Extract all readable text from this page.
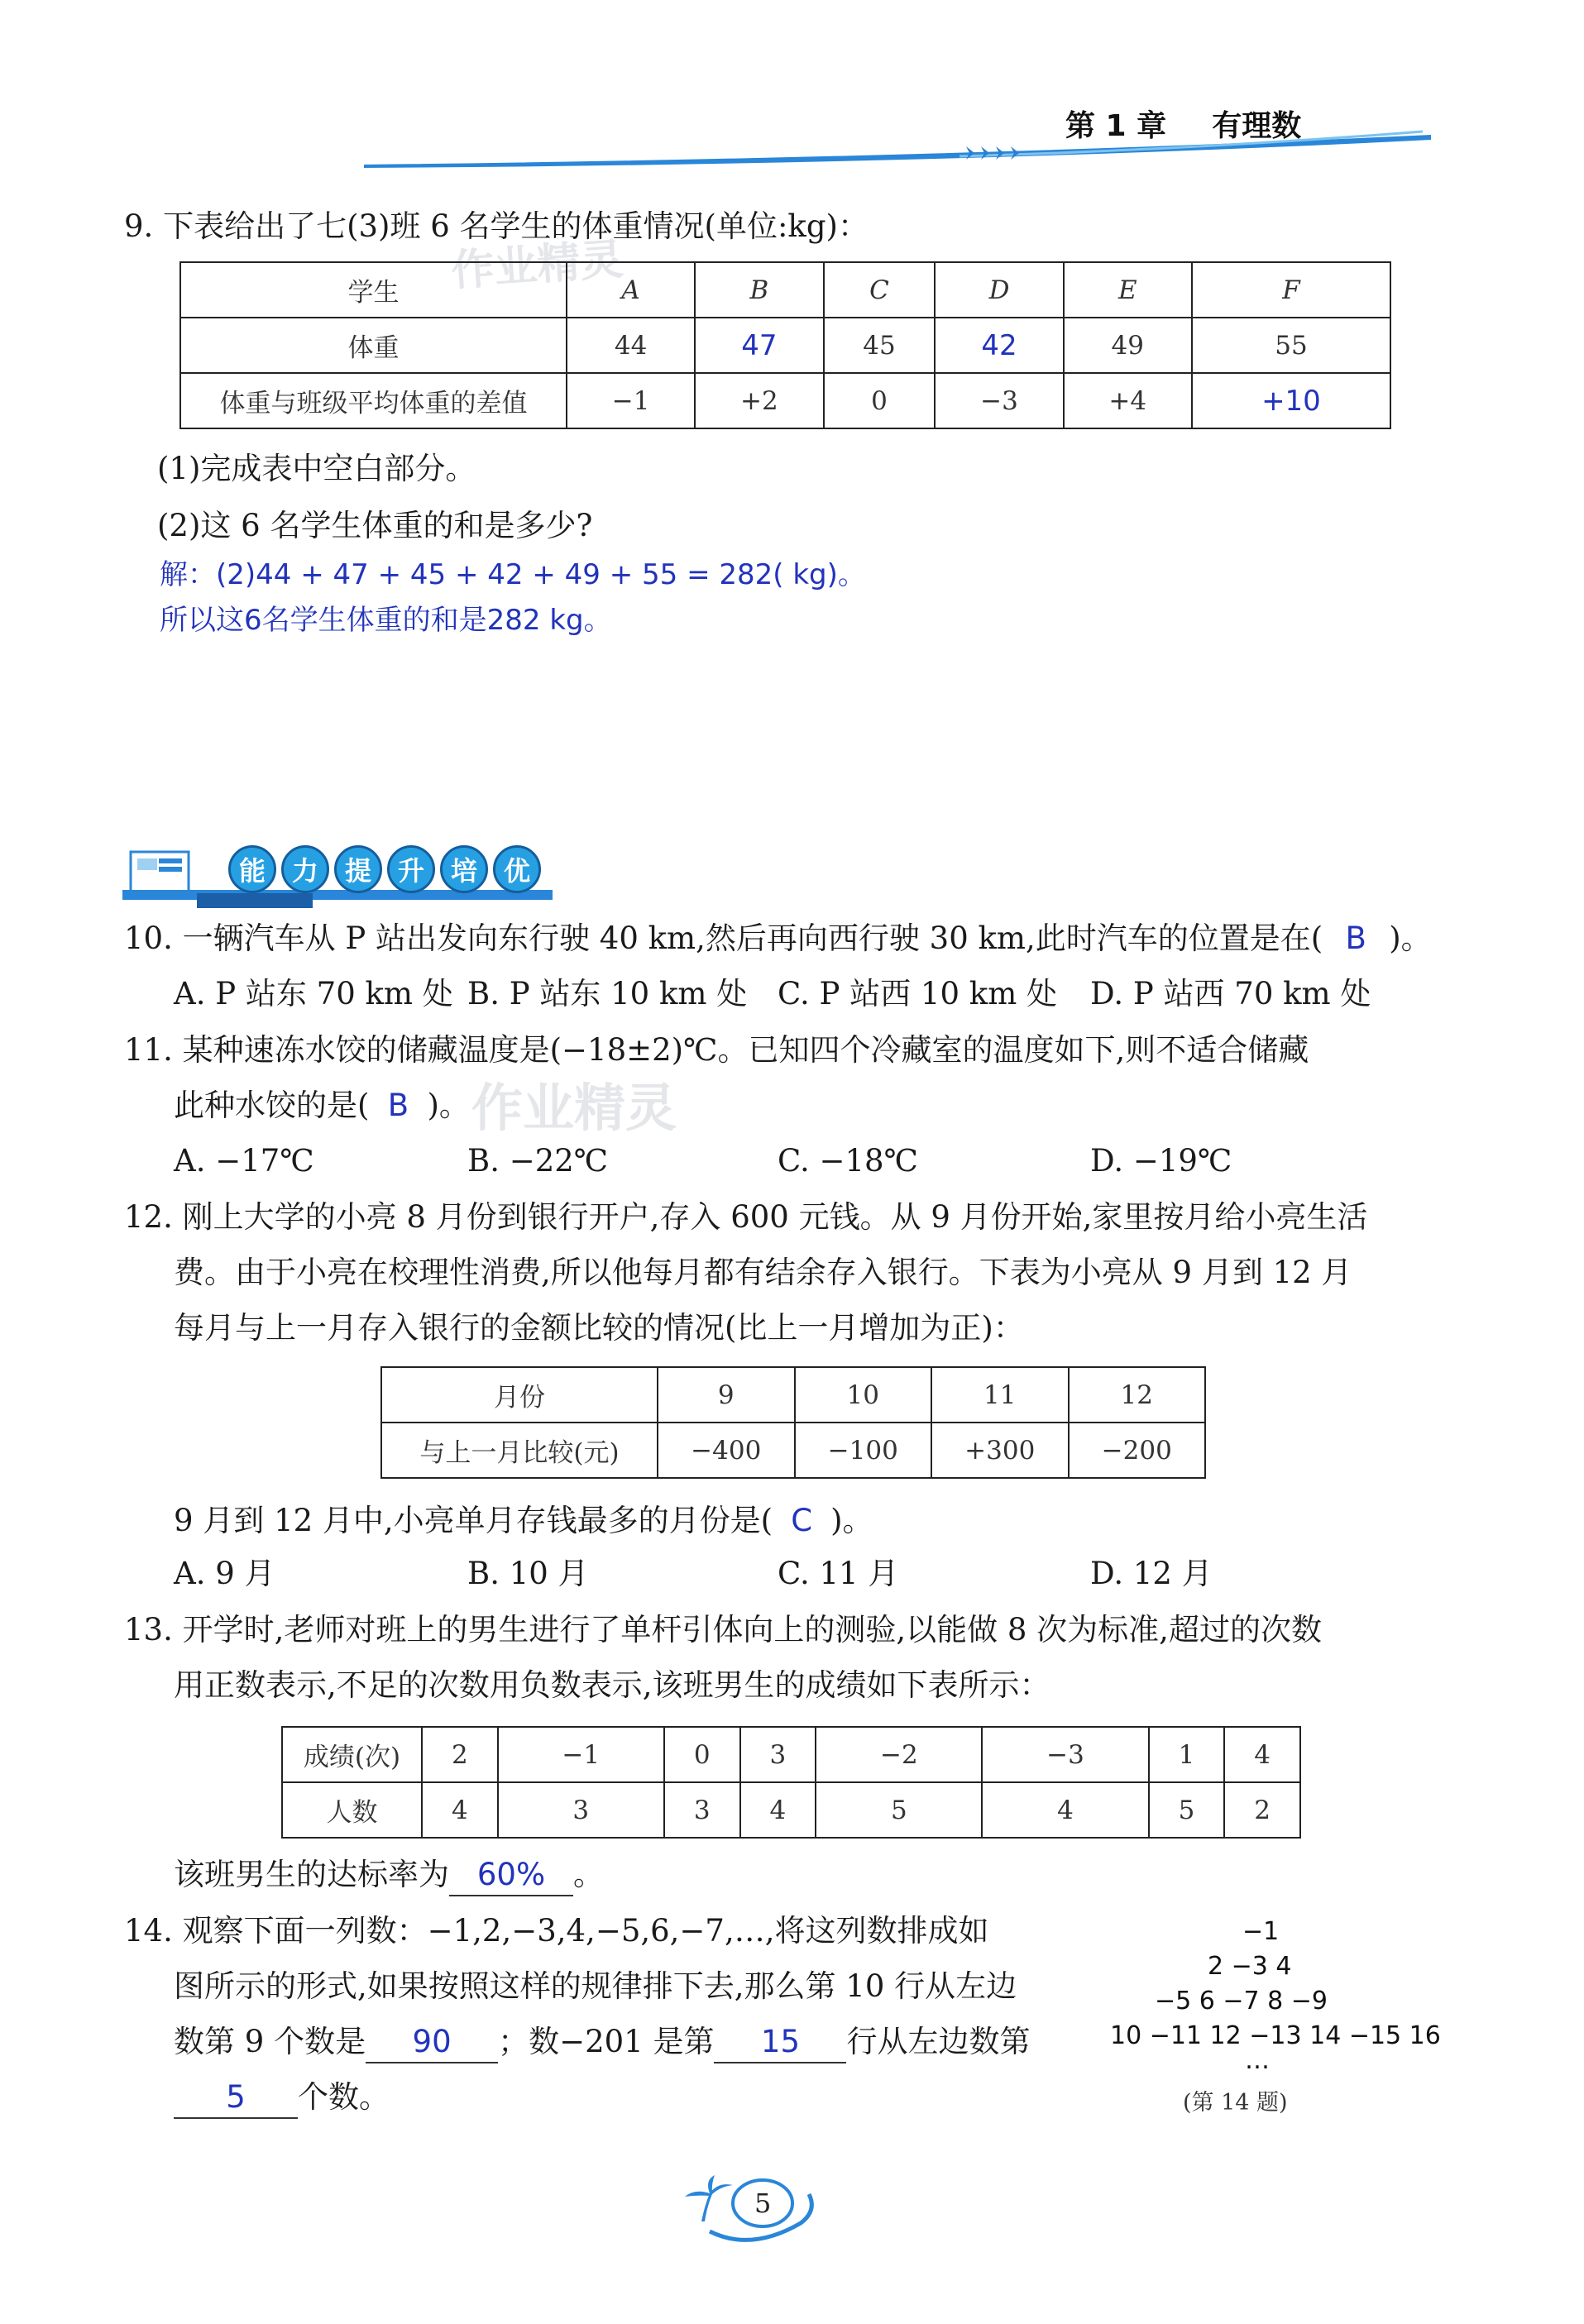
第 1 章 有理数
作业精灵
作业精灵
9. 下表给出了七(3)班 6 名学生的体重情况(单位:kg)：
学生	A	B	C	D	E	F
体重	44	47	45	42	49	55
体重与班级平均体重的差值	−1	+2	0	−3	+4	+10
(1)完成表中空白部分。
(2)这 6 名学生体重的和是多少?
解：(2)44 + 47 + 45 + 42 + 49 + 55 = 282( kg)。
所以这6名学生体重的和是282 kg。
能 力 提 升 培 优
10. 一辆汽车从 P 站出发向东行驶 40 km,然后再向西行驶 30 km,此时汽车的位置是在( B )。
A. P 站东 70 km 处 B. P 站东 10 km 处 C. P 站西 10 km 处 D. P 站西 70 km 处
11. 某种速冻水饺的储藏温度是(−18±2)℃。已知四个冷藏室的温度如下,则不适合储藏
此种水饺的是( B )。
A. −17℃	B. −22℃	C. −18℃	D. −19℃
12. 刚上大学的小亮 8 月份到银行开户,存入 600 元钱。从 9 月份开始,家里按月给小亮生活
费。由于小亮在校理性消费,所以他每月都有结余存入银行。下表为小亮从 9 月到 12 月
每月与上一月存入银行的金额比较的情况(比上一月增加为正)：
月份	9	10	11	12
与上一月比较(元)	−400	−100	+300	−200
9 月到 12 月中,小亮单月存钱最多的月份是( C )。
A. 9 月	B. 10 月	C. 11 月	D. 12 月
13. 开学时,老师对班上的男生进行了单杆引体向上的测验,以能做 8 次为标准,超过的次数
用正数表示,不足的次数用负数表示,该班男生的成绩如下表所示：
成绩(次)	2	−1	0	3	−2	−3	1	4
人数	4	3	3	4	5	4	5	2
该班男生的达标率为 60% 。
14. 观察下面一列数：−1,2,−3,4,−5,6,−7,…,将这列数排成如
图所示的形式,如果按照这样的规律排下去,那么第 10 行从左边
数第 9 个数是 90 ；数−201 是第 15 行从左边数第
5 个数。
−1
2 −3 4
−5 6 −7 8 −9
10 −11 12 −13 14 −15 16
…
(第 14 题)
5
